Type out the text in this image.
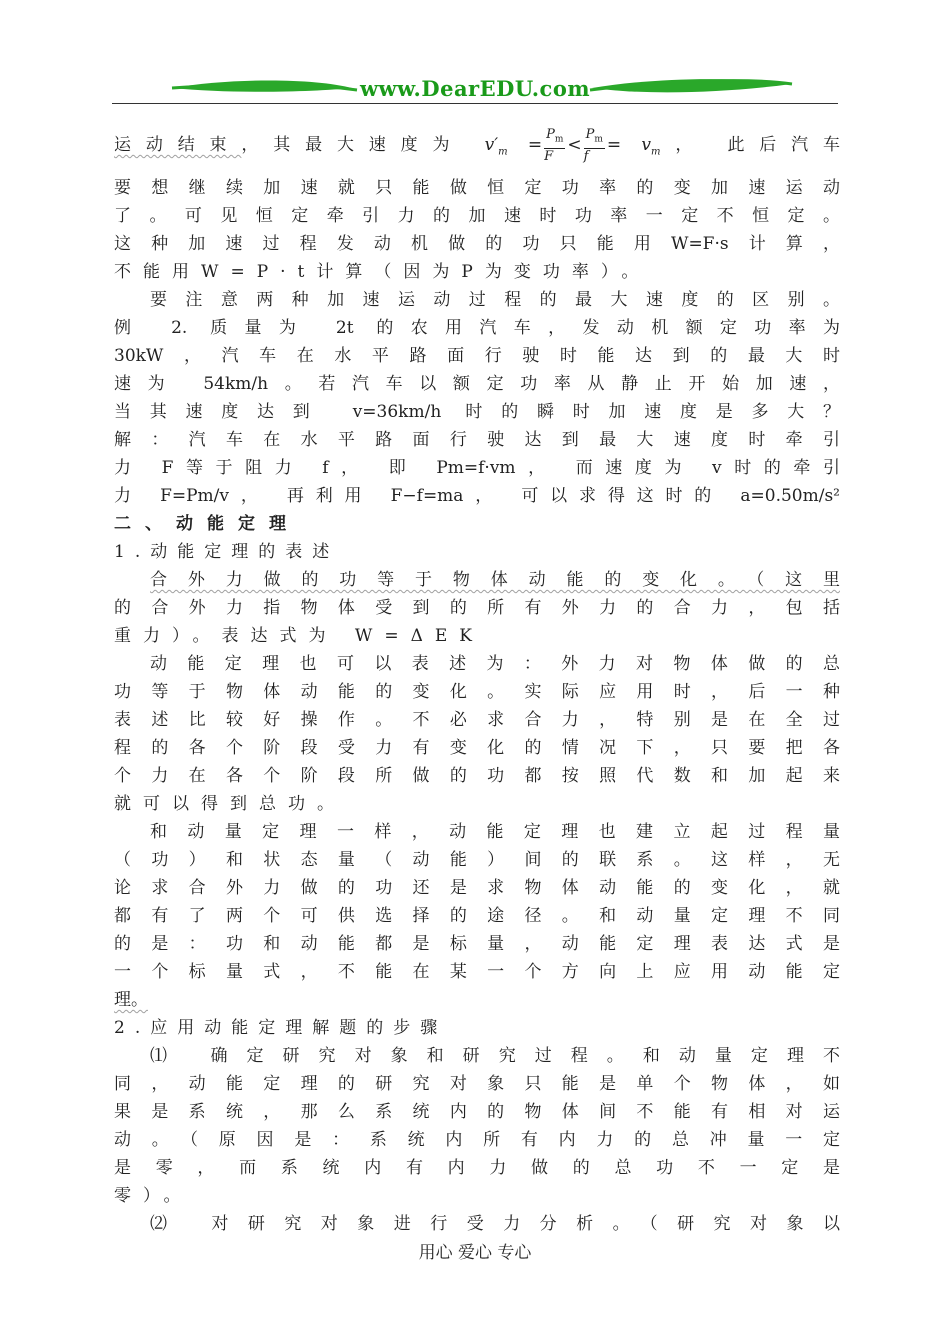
www.DearEDU.com
运动结束，其最大速度为 $v'_m = \frac{P_m}{F} < \frac{P_m}{f} = v_m$， 此后汽车
要想继续加速就只能做恒定功率的变加速运动
了。可见恒定牵引力的加速时功率一定不恒定。
这种加速过程发动机做的功只能用W=F·s计算，
不能用W=P·t计算（因为P为变功率）。
要注意两种加速运动过程的最大速度的区别。
例 2. 质量为 2t 的农用汽车，发动机额定功率为
30kW，汽车在水平路面行驶时能达到的最大时
速为 54km/h。若汽车以额定功率从静止开始加速，
当其速度达到 v=36km/h 时的瞬时加速度是多大？
解：汽车在水平路面行驶达到最大速度时牵引
力 F等于阻力 f， 即 Pm=f·vm， 而速度为 v时的牵引
力 F=Pm/v， 再利用 F−f=ma， 可以求得这时的 a=0.50m/s²
二、动能定理
1.动能定理的表述
合外力做的功等于物体动能的变化。（这里
的合外力指物体受到的所有外力的合力，包括
重力）。表达式为 W=ΔEK
动能定理也可以表述为：外力对物体做的总
功等于物体动能的变化。实际应用时，后一种
表述比较好操作。不必求合力，特别是在全过
程的各个阶段受力有变化的情况下，只要把各
个力在各个阶段所做的功都按照代数和加起来
就可以得到总功。
和动量定理一样，动能定理也建立起过程量
（功）和状态量（动能）间的联系。这样，无
论求合外力做的功还是求物体动能的变化，就
都有了两个可供选择的途径。和动量定理不同
的是：功和动能都是标量，动能定理表达式是
一个标量式，不能在某一个方向上应用动能定
理。
2.应用动能定理解题的步骤
⑴ 确定研究对象和研究过程。和动量定理不
同，动能定理的研究对象只能是单个物体，如
果是系统，那么系统内的物体间不能有相对运
动。（原因是：系统内所有内力的总冲量一定
是零，而系统内有内力做的总功不一定是
零）。
⑵ 对研究对象进行受力分析。（研究对象以
用心 爱心 专心
